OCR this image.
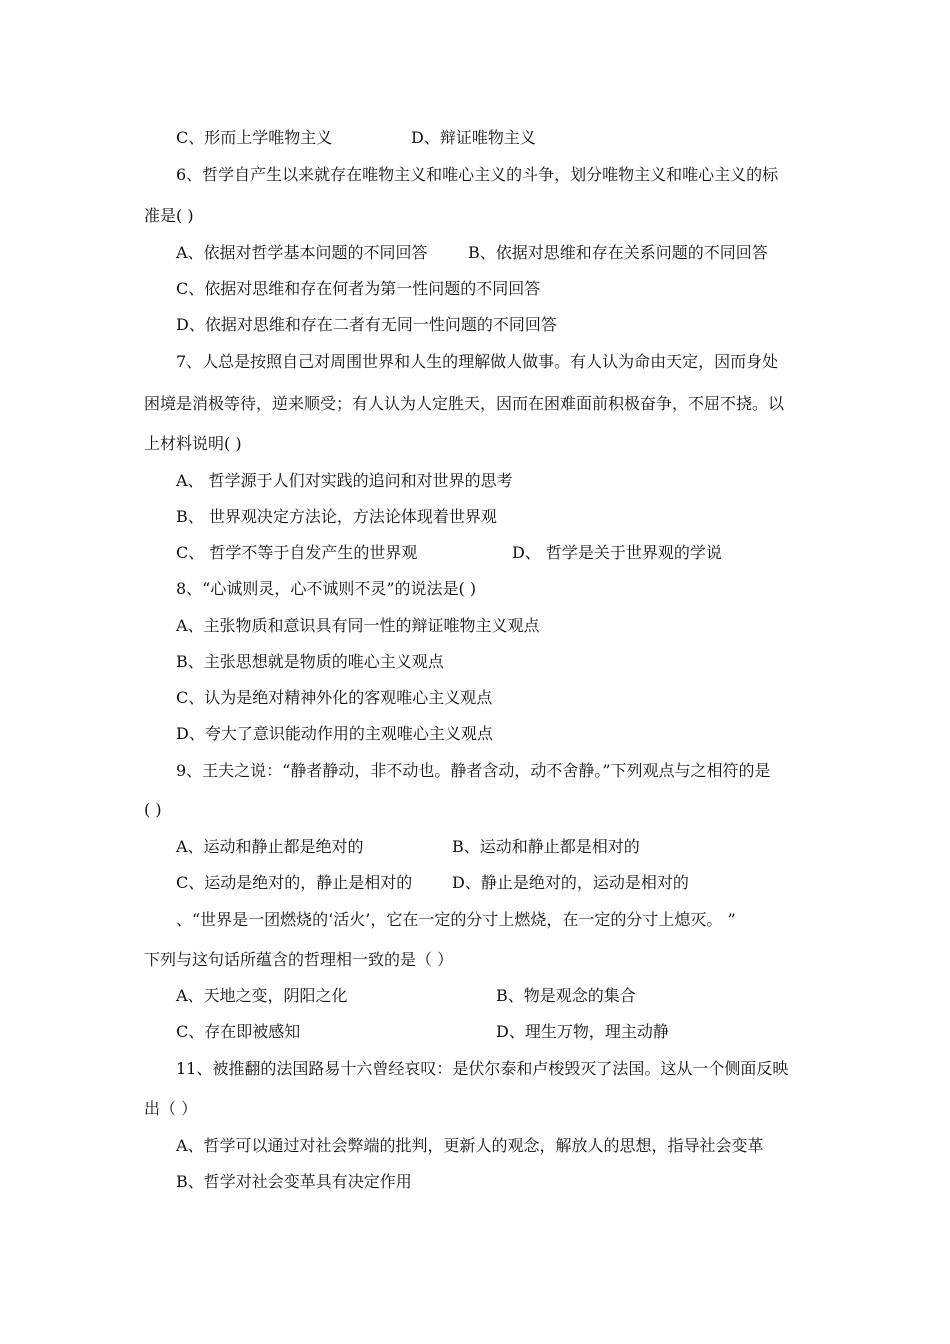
C、形而上学唯物主义	D、辩证唯物主义
6、哲学自产生以来就存在唯物主义和唯心主义的斗争，划分唯物主义和唯心主义的标
准是( )
A、依据对哲学基本问题的不同回答	B、依据对思维和存在关系问题的不同回答
C、依据对思维和存在何者为第一性问题的不同回答
D、依据对思维和存在二者有无同一性问题的不同回答
7、人总是按照自己对周围世界和人生的理解做人做事。有人认为命由天定，因而身处
困境是消极等待，逆来顺受；有人认为人定胜天，因而在困难面前积极奋争，不屈不挠。以
上材料说明( )
A、 哲学源于人们对实践的追问和对世界的思考
B、 世界观决定方法论，方法论体现着世界观
C、 哲学不等于自发产生的世界观	D、 哲学是关于世界观的学说
8、“心诚则灵，心不诚则不灵”的说法是( )
A、主张物质和意识具有同一性的辩证唯物主义观点
B、主张思想就是物质的唯心主义观点
C、认为是绝对精神外化的客观唯心主义观点
D、夸大了意识能动作用的主观唯心主义观点
9、王夫之说：“静者静动，非不动也。静者含动，动不舍静。”下列观点与之相符的是
( )
A、运动和静止都是绝对的	B、运动和静止都是相对的
C、运动是绝对的，静止是相对的 D、静止是绝对的，运动是相对的
、“世界是一团燃烧的‘活火’，它在一定的分寸上燃烧，在一定的分寸上熄灭。 ”
下列与这句话所蕴含的哲理相一致的是（ ）
A、天地之变，阴阳之化	B、物是观念的集合
C、存在即被感知	D、理生万物，理主动静
11、被推翻的法国路易十六曾经哀叹：是伏尔泰和卢梭毁灭了法国。这从一个侧面反映
出（ ）
A、哲学可以通过对社会弊端的批判，更新人的观念，解放人的思想，指导社会变革
B、哲学对社会变革具有决定作用
